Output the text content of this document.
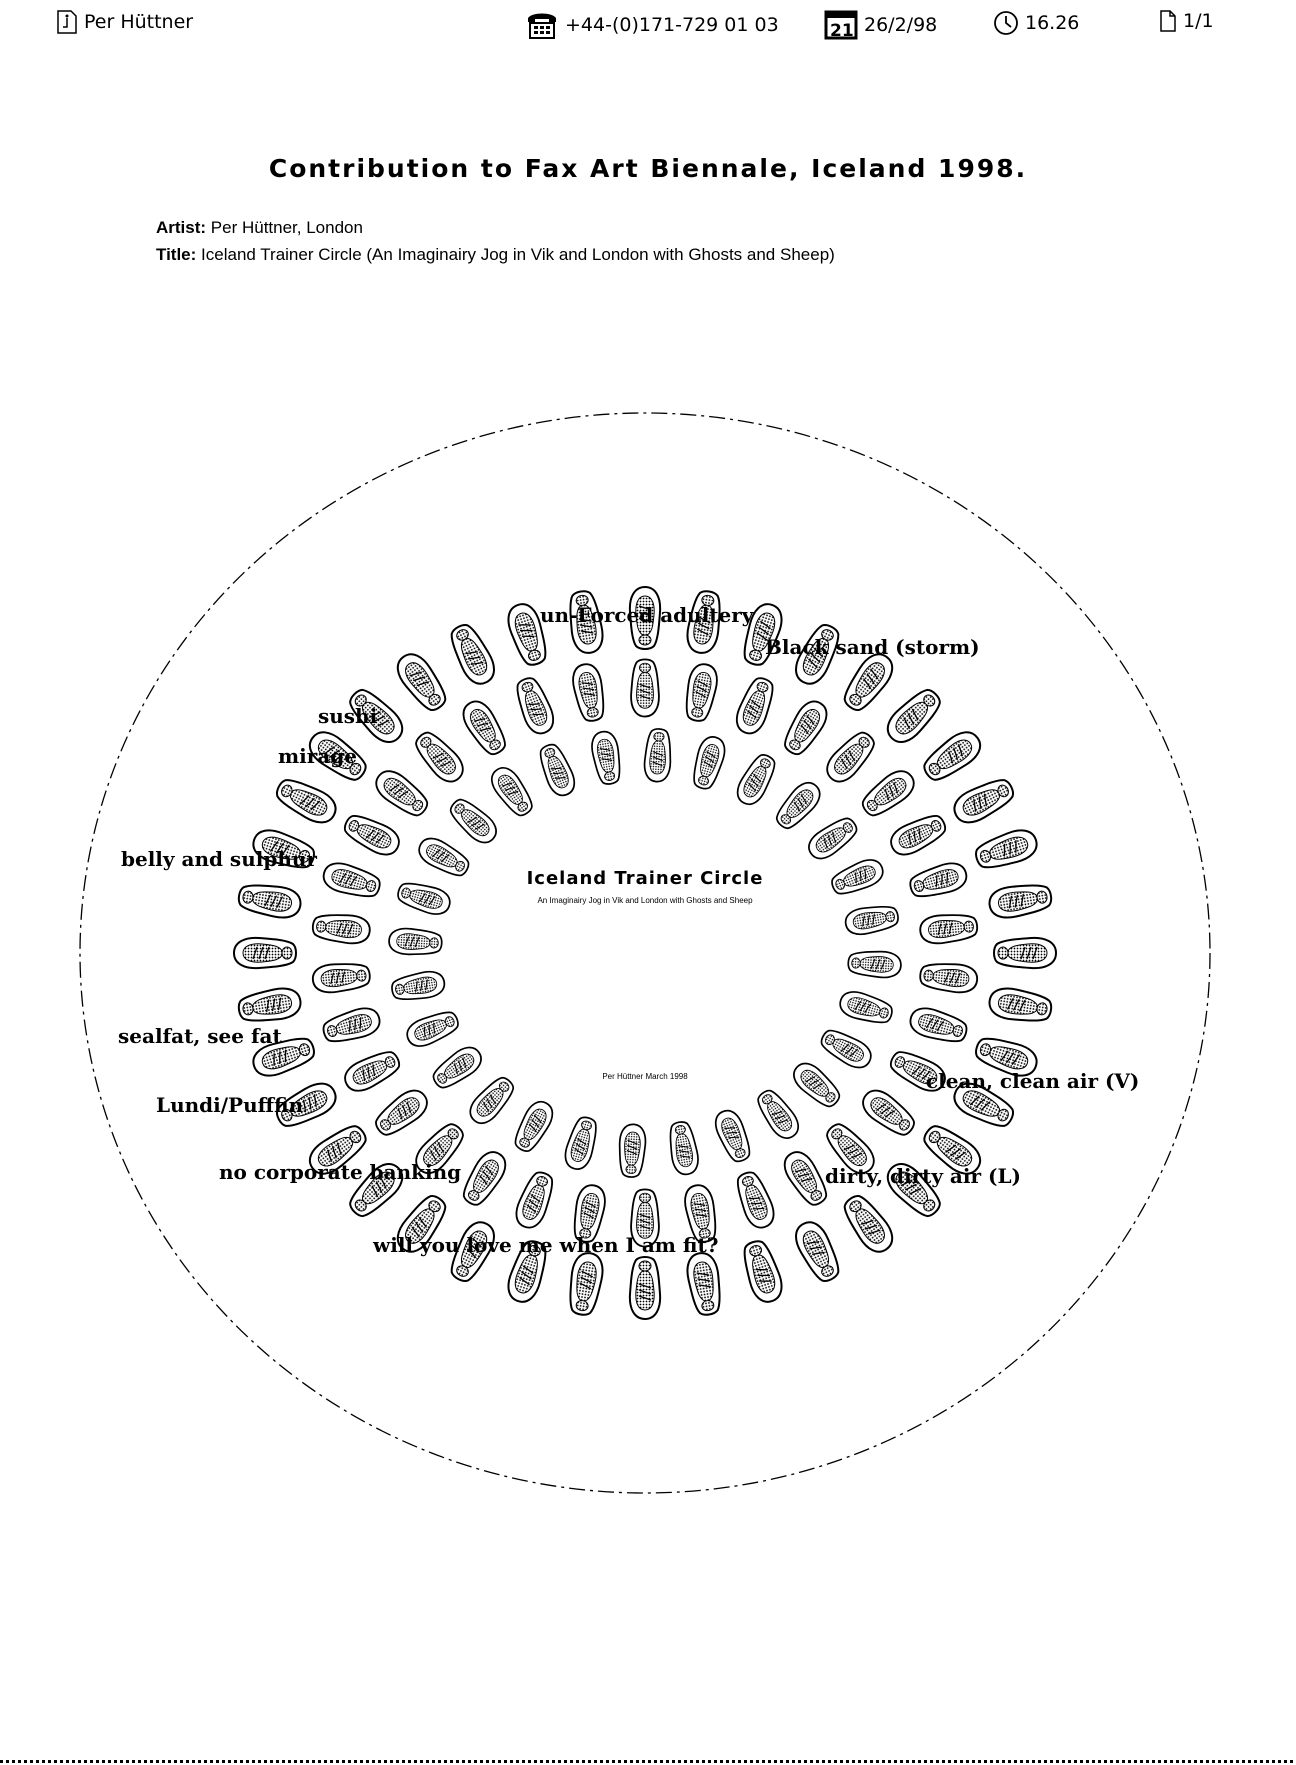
Per Hüttner	+44-(0)171-729 01 03	21 26/2/98	16.26	1/1
Contribution to Fax Art Biennale, Iceland 1998.
Artist: Per Hüttner, London
Title: Iceland Trainer Circle (An Imaginairy Jog in Vik and London with Ghosts and Sheep)
Iceland Trainer Circle
An Imaginairy Jog in Vik and London with Ghosts and Sheep
Per Hüttner March 1998
un-Forced adultery
Black sand (storm)
sushi
mirage
belly and sulphur
sealfat, see fat
clean, clean air (V)
Lundi/Pufffin
no corporate banking	dirty, dirty air (L)
will you love me when I am fit?
